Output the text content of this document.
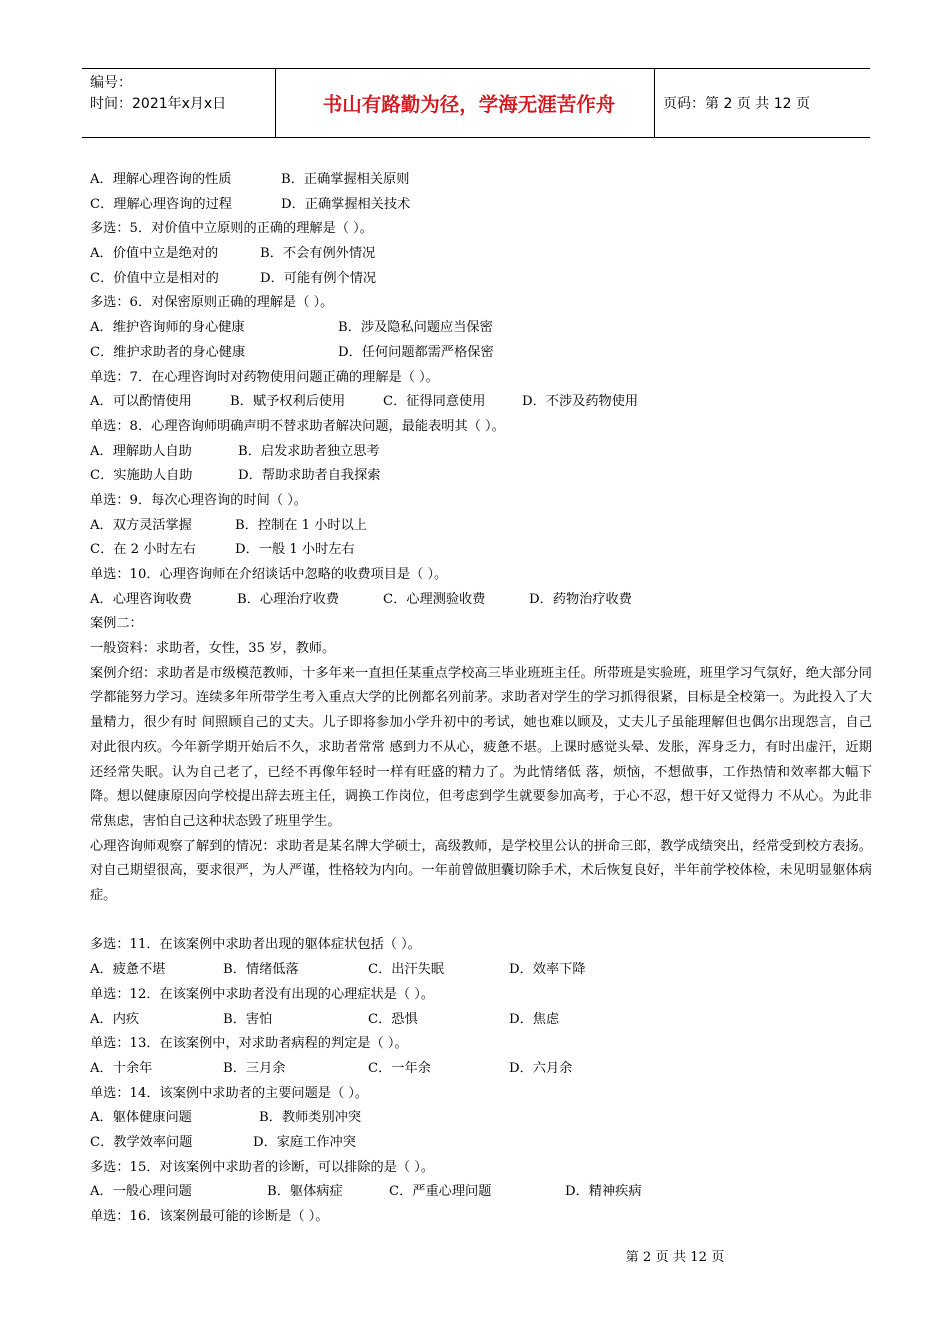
编号：
时间：2021年x月x日	书山有路勤为径，学海无涯苦作舟	页码：第 2 页 共 12 页
A．理解心理咨询的性质	B．正确掌握相关原则
C．理解心理咨询的过程	D．正确掌握相关技术
多选：5．对价值中立原则的正确的理解是（ ）。
A．价值中立是绝对的	B．不会有例外情况
C．价值中立是相对的	D．可能有例个情况
多选：6．对保密原则正确的理解是（ ）。
A．维护咨询师的身心健康	B．涉及隐私问题应当保密
C．维护求助者的身心健康	D．任何问题都需严格保密
单选：7．在心理咨询时对药物使用问题正确的理解是（ ）。
A．可以酌情使用	B．赋予权利后使用	C．征得同意使用	D．不涉及药物使用
单选：8．心理咨询师明确声明不替求助者解决问题，最能表明其（ ）。
A．理解助人自助	B．启发求助者独立思考
C．实施助人自助	D．帮助求助者自我探索
单选：9．每次心理咨询的时间（ ）。
A．双方灵活掌握	B．控制在 1 小时以上
C．在 2 小时左右	D．一般 1 小时左右
单选：10．心理咨询师在介绍谈话中忽略的收费项目是（ ）。
A．心理咨询收费	B．心理治疗收费	C．心理测验收费	D．药物治疗收费
案例二：
一般资料：求助者，女性，35 岁，教师。
案例介绍：求助者是市级模范教师，十多年来一直担任某重点学校高三毕业班班主任。所带班是实验班，班里学习气氛好，绝大部分同学都能努力学习。连续多年所带学生考入重点大学的比例都名列前茅。求助者对学生的学习抓得很紧，目标是全校第一。为此投入了大量精力，很少有时 间照顾自己的丈夫。儿子即将参加小学升初中的考试，她也难以顾及，丈夫儿子虽能理解但也偶尔出现怨言，自己对此很内疚。今年新学期开始后不久，求助者常常 感到力不从心，疲惫不堪。上课时感觉头晕、发胀，浑身乏力，有时出虚汗，近期还经常失眠。认为自己老了，已经不再像年轻时一样有旺盛的精力了。为此情绪低 落，烦恼，不想做事，工作热情和效率都大幅下降。想以健康原因向学校提出辞去班主任，调换工作岗位，但考虑到学生就要参加高考，于心不忍，想干好又觉得力 不从心。为此非常焦虑，害怕自己这种状态毁了班里学生。
心理咨询师观察了解到的情况：求助者是某名牌大学硕士，高级教师，是学校里公认的拼命三郎，教学成绩突出，经常受到校方表扬。对自己期望很高，要求很严，为人严谨，性格较为内向。一年前曾做胆囊切除手术，术后恢复良好，半年前学校体检，未见明显躯体病症。
多选：11．在该案例中求助者出现的躯体症状包括（ ）。
A．疲惫不堪	B．情绪低落	C．出汗失眠	D．效率下降
单选：12．在该案例中求助者没有出现的心理症状是（ ）。
A．内疚	B．害怕	C．恐惧	D．焦虑
单选：13．在该案例中，对求助者病程的判定是（ ）。
A．十余年	B．三月余	C．一年余	D．六月余
单选：14．该案例中求助者的主要问题是（ ）。
A．躯体健康问题	B．教师类别冲突
C．教学效率问题	D．家庭工作冲突
多选：15．对该案例中求助者的诊断，可以排除的是（ ）。
A．一般心理问题	B．躯体病症	C．严重心理问题	D．精神疾病
单选：16．该案例最可能的诊断是（ ）。
第 2 页 共 12 页
